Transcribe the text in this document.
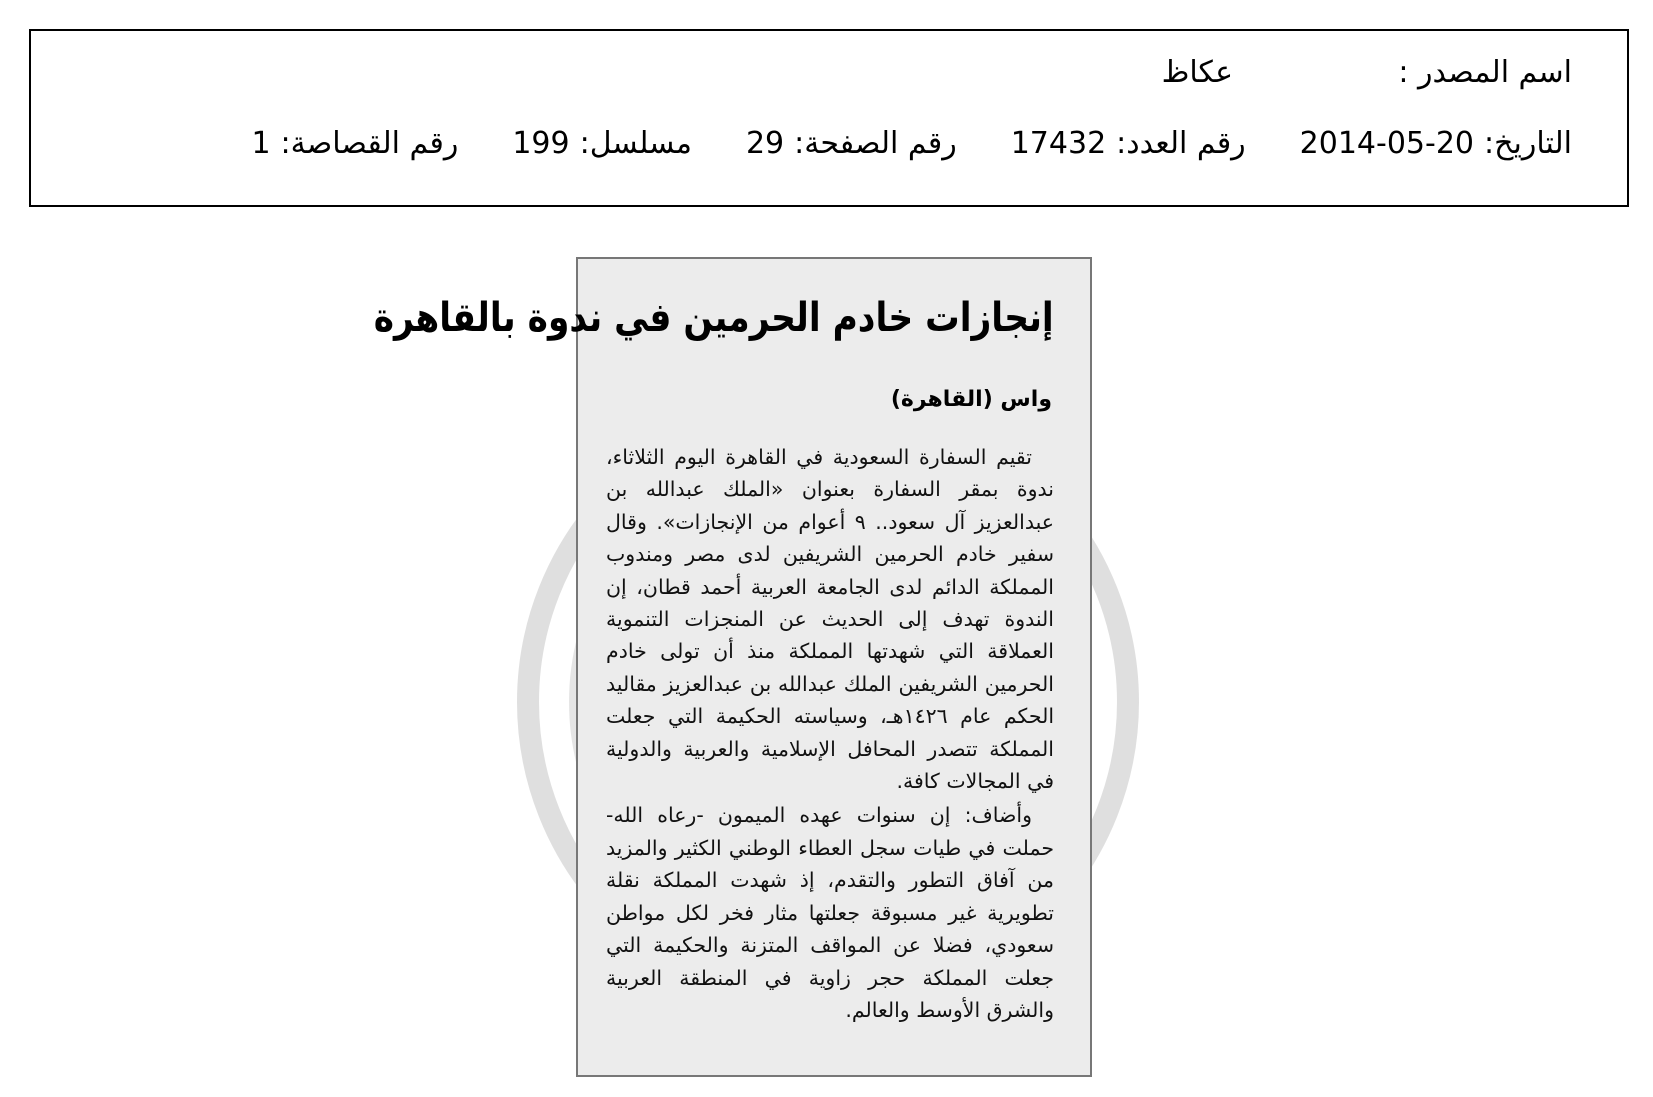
اسم المصدر :
عكاظ
التاريخ:
2014-05-20
رقم العدد:
17432
رقم الصفحة:
29
مسلسل:
199
رقم القصاصة:
1
إنجازات خادم الحرمين في ندوة بالقاهرة
واس (القاهرة)

تقيم السفارة السعودية في القاهرة اليوم الثلاثاء، ندوة بمقر السفارة بعنوان «الملك عبدالله بن عبدالعزيز آل سعود.. ٩ أعوام من الإنجازات». وقال سفير خادم الحرمين الشريفين لدى مصر ومندوب المملكة الدائم لدى الجامعة العربية أحمد قطان، إن الندوة تهدف إلى الحديث عن المنجزات التنموية العملاقة التي شهدتها المملكة منذ أن تولى خادم الحرمين الشريفين الملك عبدالله بن عبدالعزيز مقاليد الحكم عام ١٤٢٦هـ، وسياسته الحكيمة التي جعلت المملكة تتصدر المحافل الإسلامية والعربية والدولية في المجالات كافة.

وأضاف: إن سنوات عهده الميمون -رعاه الله- حملت في طيات سجل العطاء الوطني الكثير والمزيد من آفاق التطور والتقدم، إذ شهدت المملكة نقلة تطويرية غير مسبوقة جعلتها مثار فخر لكل مواطن سعودي، فضلا عن المواقف المتزنة والحكيمة التي جعلت المملكة حجر زاوية في المنطقة العربية والشرق الأوسط والعالم.
